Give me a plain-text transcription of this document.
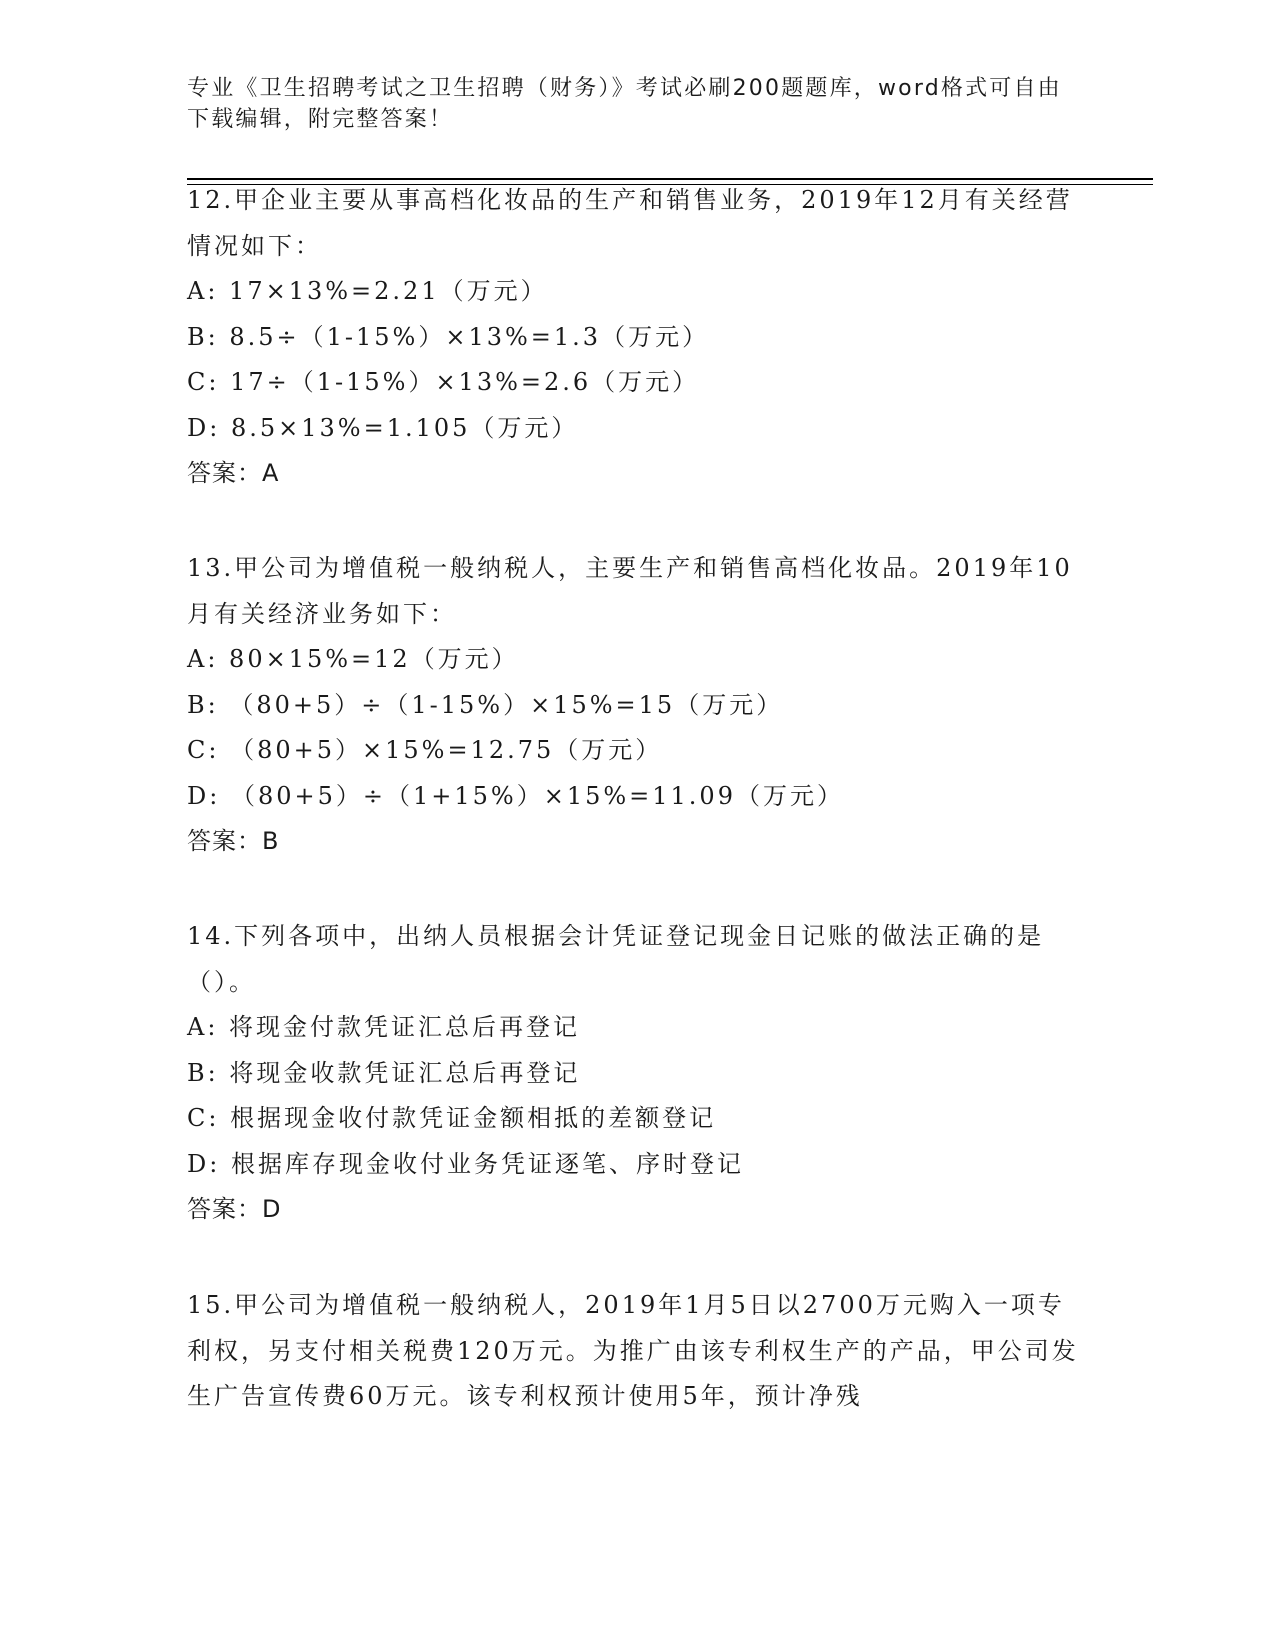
专业《卫生招聘考试之卫生招聘（财务）》考试必刷200题题库，word格式可自由下载编辑，附完整答案！

12.甲企业主要从事高档化妆品的生产和销售业务，2019年12月有关经营情况如下：

A: 17×13%=2.21（万元）

B: 8.5÷（1-15%）×13%=1.3（万元）

C: 17÷（1-15%）×13%=2.6（万元）

D: 8.5×13%=1.105（万元）

答案：A

13.甲公司为增值税一般纳税人，主要生产和销售高档化妆品。2019年10月有关经济业务如下：

A: 80×15%=12（万元）

B: （80+5）÷（1-15%）×15%=15（万元）

C: （80+5）×15%=12.75（万元）

D: （80+5）÷（1+15%）×15%=11.09（万元）

答案：B

14.下列各项中，出纳人员根据会计凭证登记现金日记账的做法正确的是（）。

A: 将现金付款凭证汇总后再登记

B: 将现金收款凭证汇总后再登记

C: 根据现金收付款凭证金额相抵的差额登记

D: 根据库存现金收付业务凭证逐笔、序时登记

答案：D

15.甲公司为增值税一般纳税人，2019年1月5日以2700万元购入一项专利权，另支付相关税费120万元。为推广由该专利权生产的产品，甲公司发生广告宣传费60万元。该专利权预计使用5年，预计净残
